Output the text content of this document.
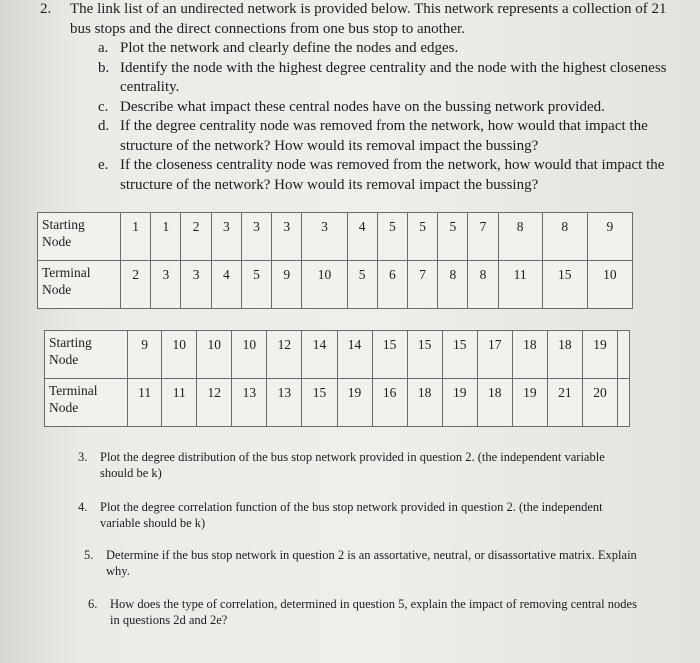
2. The link list of an undirected network is provided below. This network represents a collection of 21 bus stops and the direct connections from one bus stop to another.
a. Plot the network and clearly define the nodes and edges.
b. Identify the node with the highest degree centrality and the node with the highest closeness centrality.
c. Describe what impact these central nodes have on the bussing network provided.
d. If the degree centrality node was removed from the network, how would that impact the structure of the network? How would its removal impact the bussing?
e. If the closeness centrality node was removed from the network, how would that impact the structure of the network? How would its removal impact the bussing?
Starting Node	1	1	2	3	3	3	3	4	5	5	5	7	8	8	9
Terminal Node	2	3	3	4	5	9	10	5	6	7	8	8	11	15	10
Starting Node	9	10	10	10	12	14	14	15	15	15	17	18	18	19	
Terminal Node	11	11	12	13	13	15	19	16	18	19	18	19	21	20	
3. Plot the degree distribution of the bus stop network provided in question 2. (the independent variable should be k)
4. Plot the degree correlation function of the bus stop network provided in question 2. (the independent variable should be k)
5. Determine if the bus stop network in question 2 is an assortative, neutral, or disassortative matrix. Explain why.
6. How does the type of correlation, determined in question 5, explain the impact of removing central nodes in questions 2d and 2e?
